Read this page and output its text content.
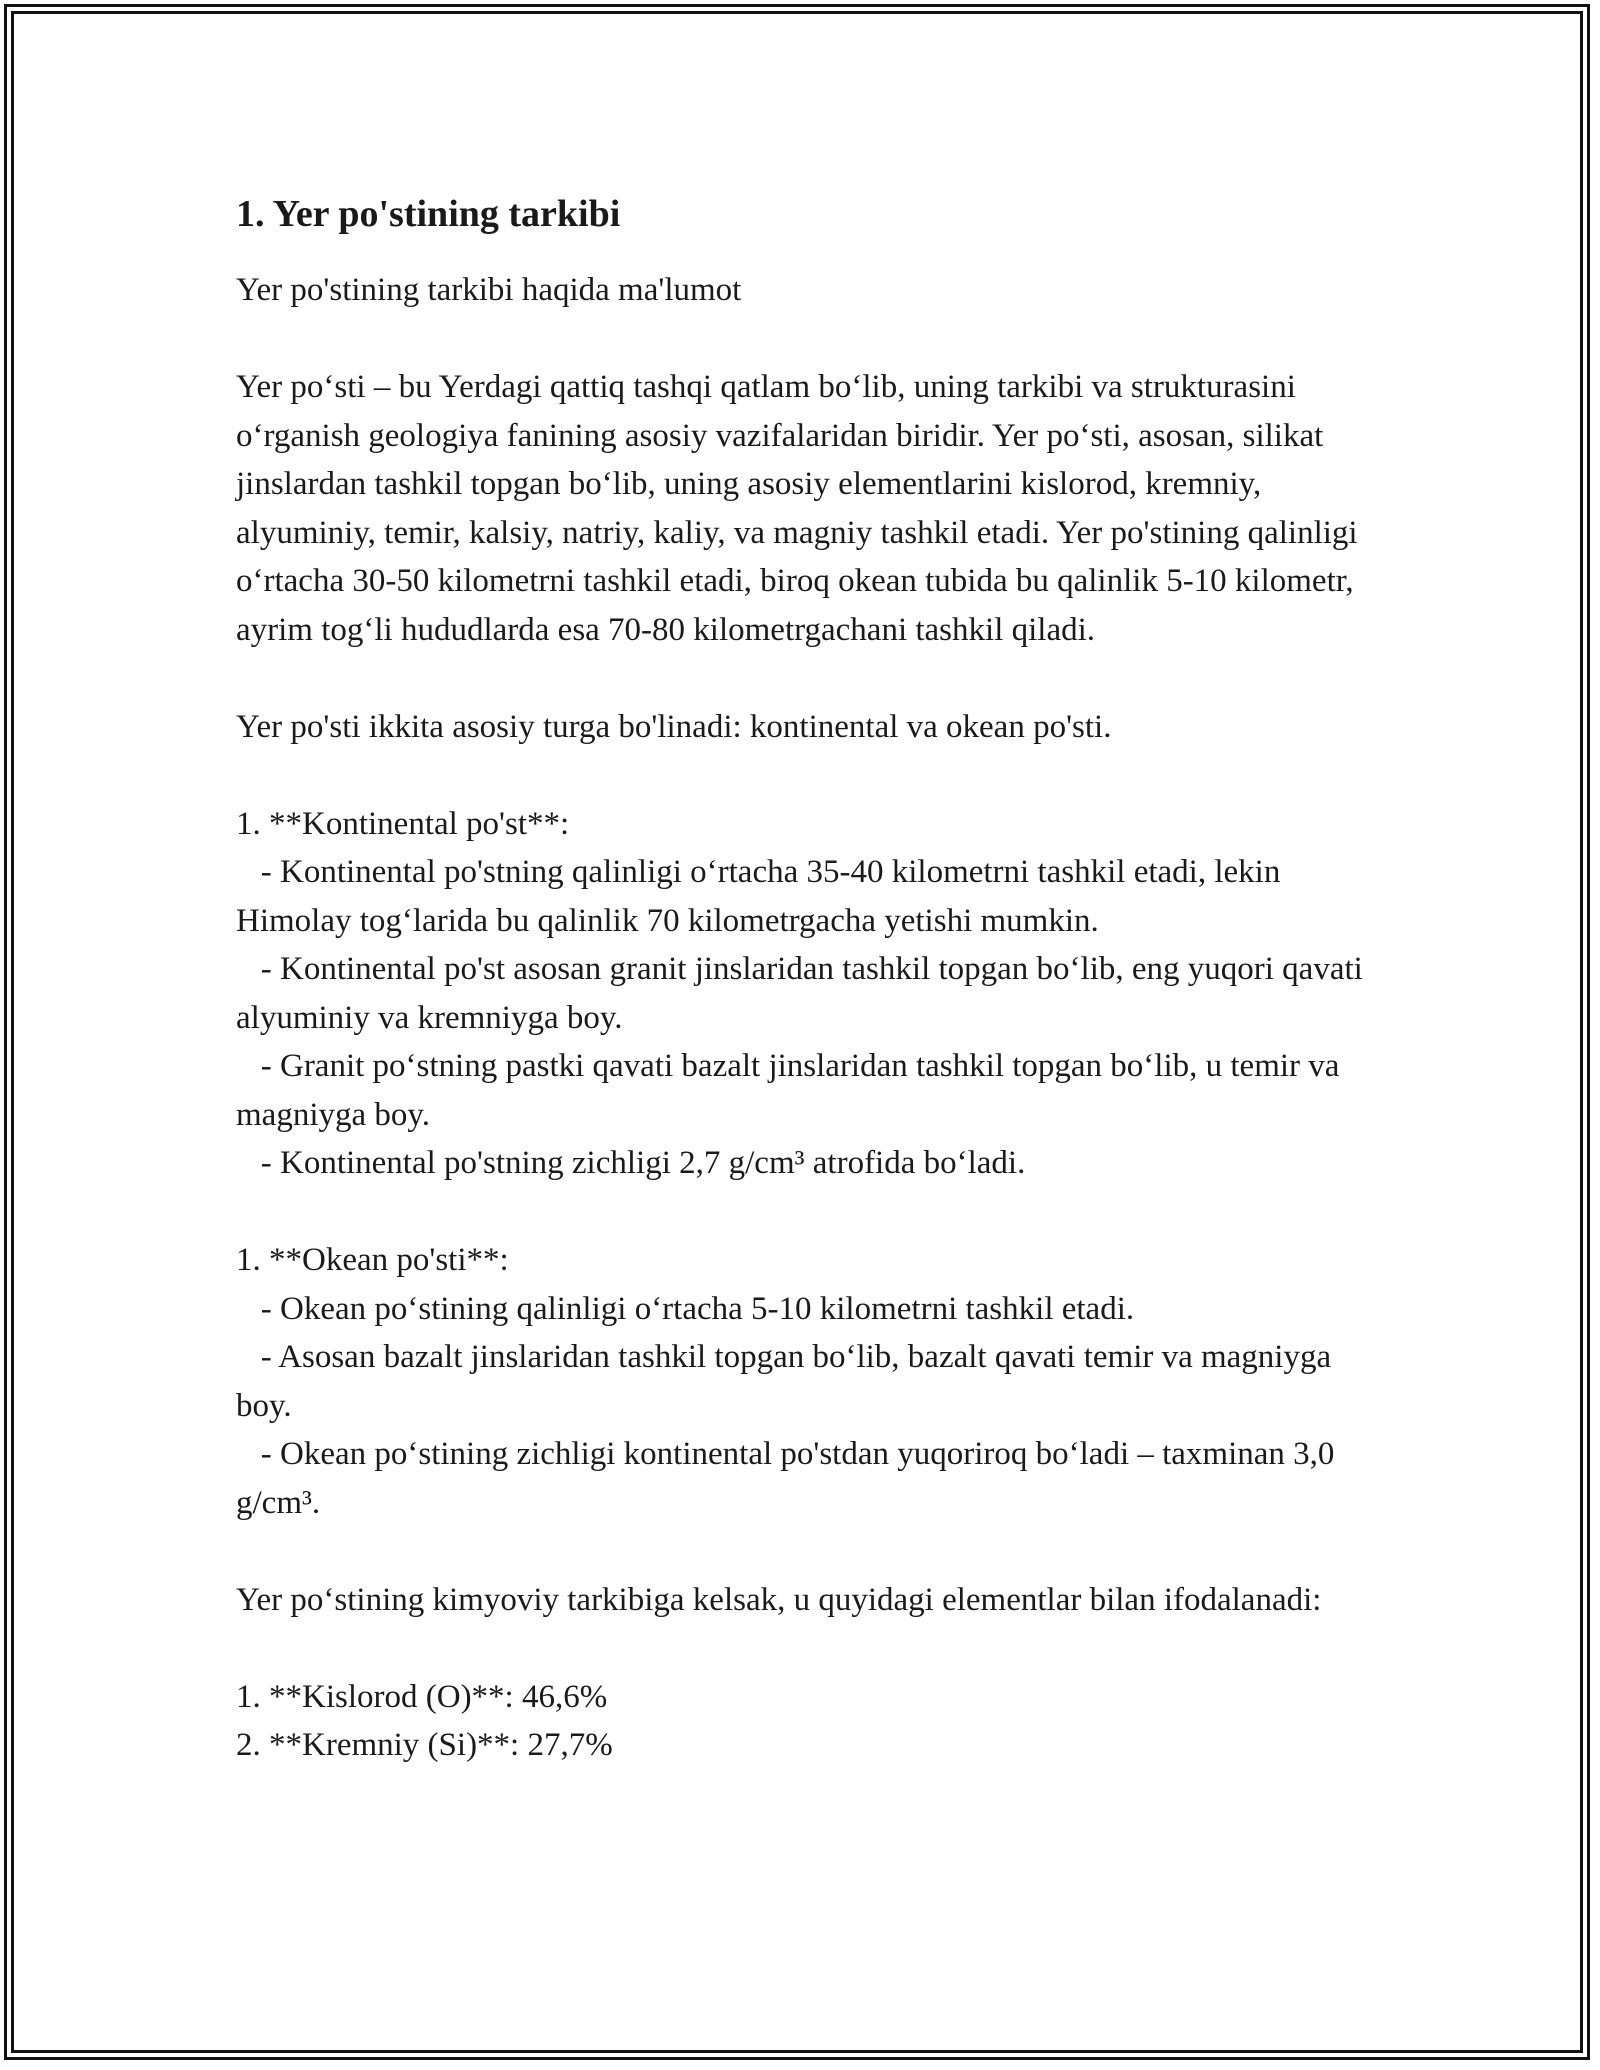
1. Yer po'stining tarkibi

Yer po'stining tarkibi haqida ma'lumot

Yer po‘sti – bu Yerdagi qattiq tashqi qatlam bo‘lib, uning tarkibi va strukturasini o‘rganish geologiya fanining asosiy vazifalaridan biridir. Yer po‘sti, asosan, silikat jinslardan tashkil topgan bo‘lib, uning asosiy elementlarini kislorod, kremniy, alyuminiy, temir, kalsiy, natriy, kaliy, va magniy tashkil etadi. Yer po'stining qalinligi o‘rtacha 30-50 kilometrni tashkil etadi, biroq okean tubida bu qalinlik 5-10 kilometr, ayrim tog‘li hududlarda esa 70-80 kilometrgachani tashkil qiladi.

Yer po'sti ikkita asosiy turga bo'linadi: kontinental va okean po'sti.

1. **Kontinental po'st**:

- Kontinental po'stning qalinligi o‘rtacha 35-40 kilometrni tashkil etadi, lekin Himolay tog‘larida bu qalinlik 70 kilometrgacha yetishi mumkin.

- Kontinental po'st asosan granit jinslaridan tashkil topgan bo‘lib, eng yuqori qavati alyuminiy va kremniyga boy.

- Granit po‘stning pastki qavati bazalt jinslaridan tashkil topgan bo‘lib, u temir va magniyga boy.

- Kontinental po'stning zichligi 2,7 g/cm³ atrofida bo‘ladi.

1. **Okean po'sti**:

- Okean po‘stining qalinligi o‘rtacha 5-10 kilometrni tashkil etadi.

- Asosan bazalt jinslaridan tashkil topgan bo‘lib, bazalt qavati temir va magniyga boy.

- Okean po‘stining zichligi kontinental po'stdan yuqoriroq bo‘ladi – taxminan 3,0 g/cm³.

Yer po‘stining kimyoviy tarkibiga kelsak, u quyidagi elementlar bilan ifodalanadi:

1. **Kislorod (O)**: 46,6%

2. **Kremniy (Si)**: 27,7%
